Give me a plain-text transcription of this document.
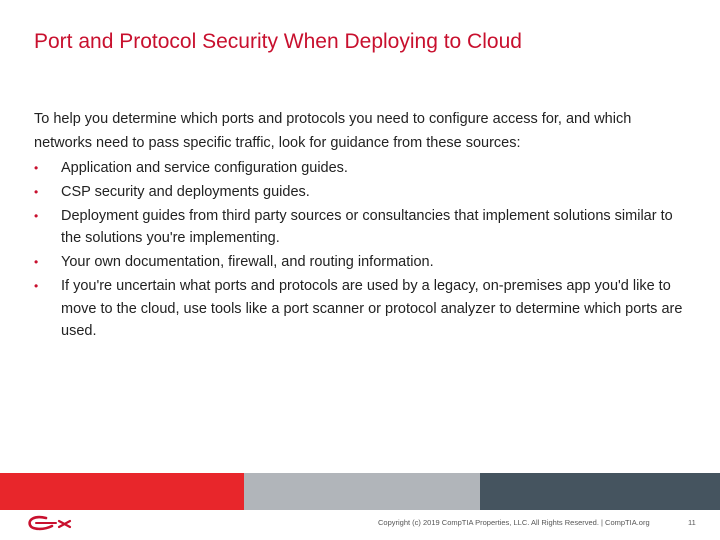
Port and Protocol Security When Deploying to Cloud

To help you determine which ports and protocols you need to configure access for, and which networks need to pass specific traffic, look for guidance from these sources:

•	Application and service configuration guides.
•	CSP security and deployments guides.
•	Deployment guides from third party sources or consultancies that implement solutions similar to the solutions you're implementing.
•	Your own documentation, firewall, and routing information.
•	If you're uncertain what ports and protocols are used by a legacy, on-premises app you'd like to move to the cloud, use tools like a port scanner or protocol analyzer to determine which ports are used.
Copyright (c) 2019 CompTIA Properties, LLC. All Rights Reserved. | CompTIA.org	11
